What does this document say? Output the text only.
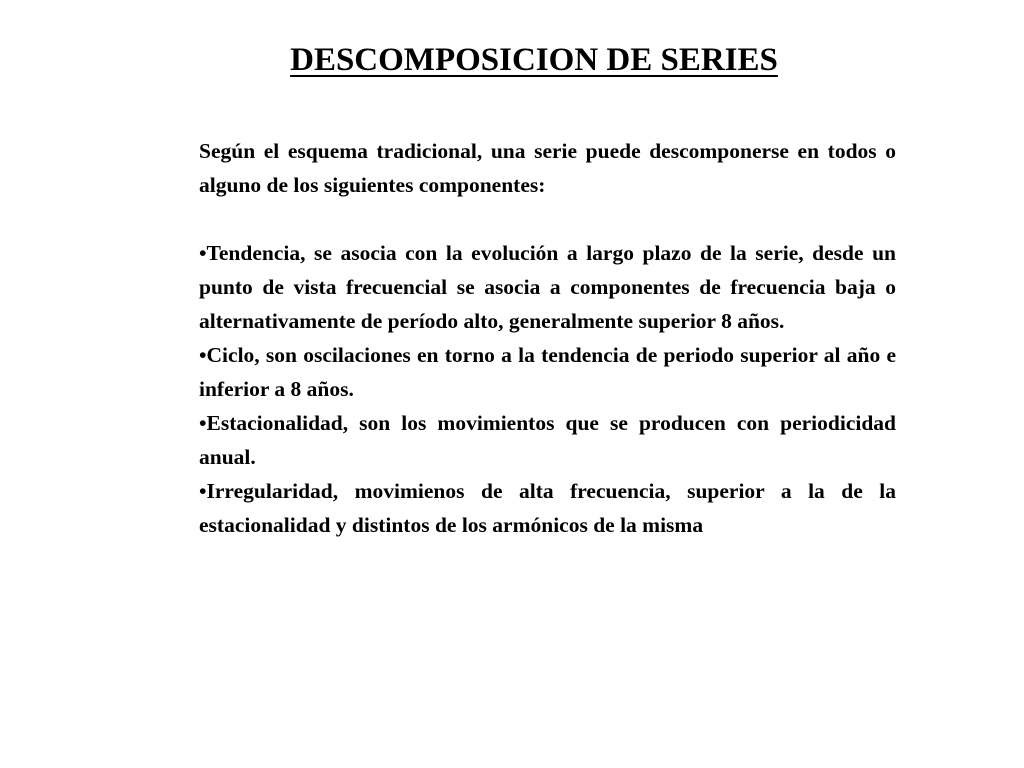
DESCOMPOSICION DE SERIES

Según el esquema tradicional, una serie puede descomponerse en todos o alguno de los siguientes componentes:

•Tendencia, se asocia con la evolución a largo plazo de la serie, desde un punto de vista frecuencial se asocia a componentes de frecuencia baja o alternativamente de período alto, generalmente superior 8 años.

•Ciclo, son oscilaciones en torno a la tendencia de periodo superior al año e inferior a 8 años.

•Estacionalidad, son los movimientos que se producen con periodicidad anual.

•Irregularidad, movimienos de alta frecuencia, superior a la de la estacionalidad y distintos de los armónicos de la misma
